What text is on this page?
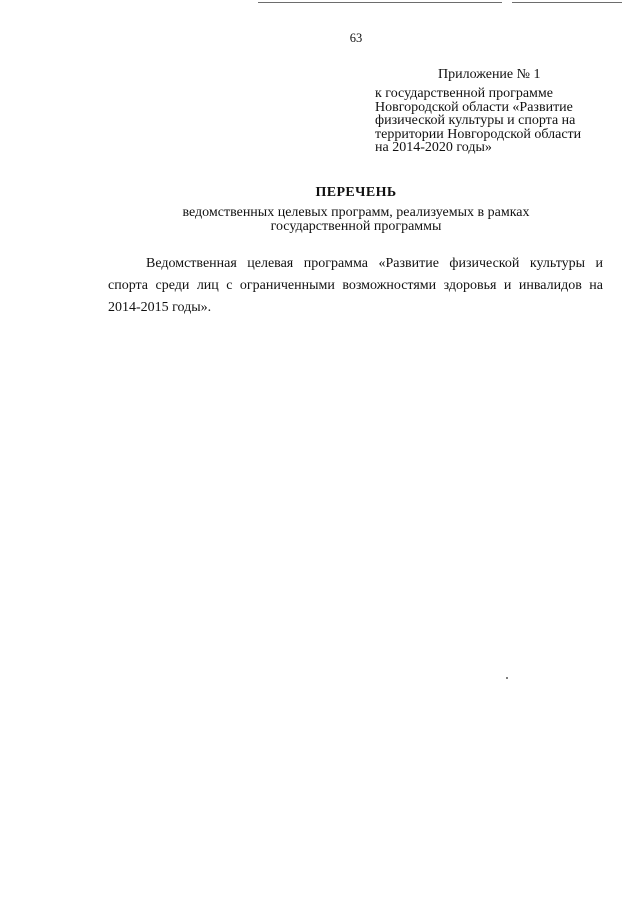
63
Приложение № 1
к государственной программе
Новгородской области «Развитие
физической культуры и спорта на
территории Новгородской области
на 2014-2020 годы»
ПЕРЕЧЕНЬ
ведомственных целевых программ, реализуемых в рамках
государственной программы
Ведомственная целевая программа «Развитие физической культуры и
спорта среди лиц с ограниченными возможностями здоровья и инвалидов на
2014-2015 годы».
